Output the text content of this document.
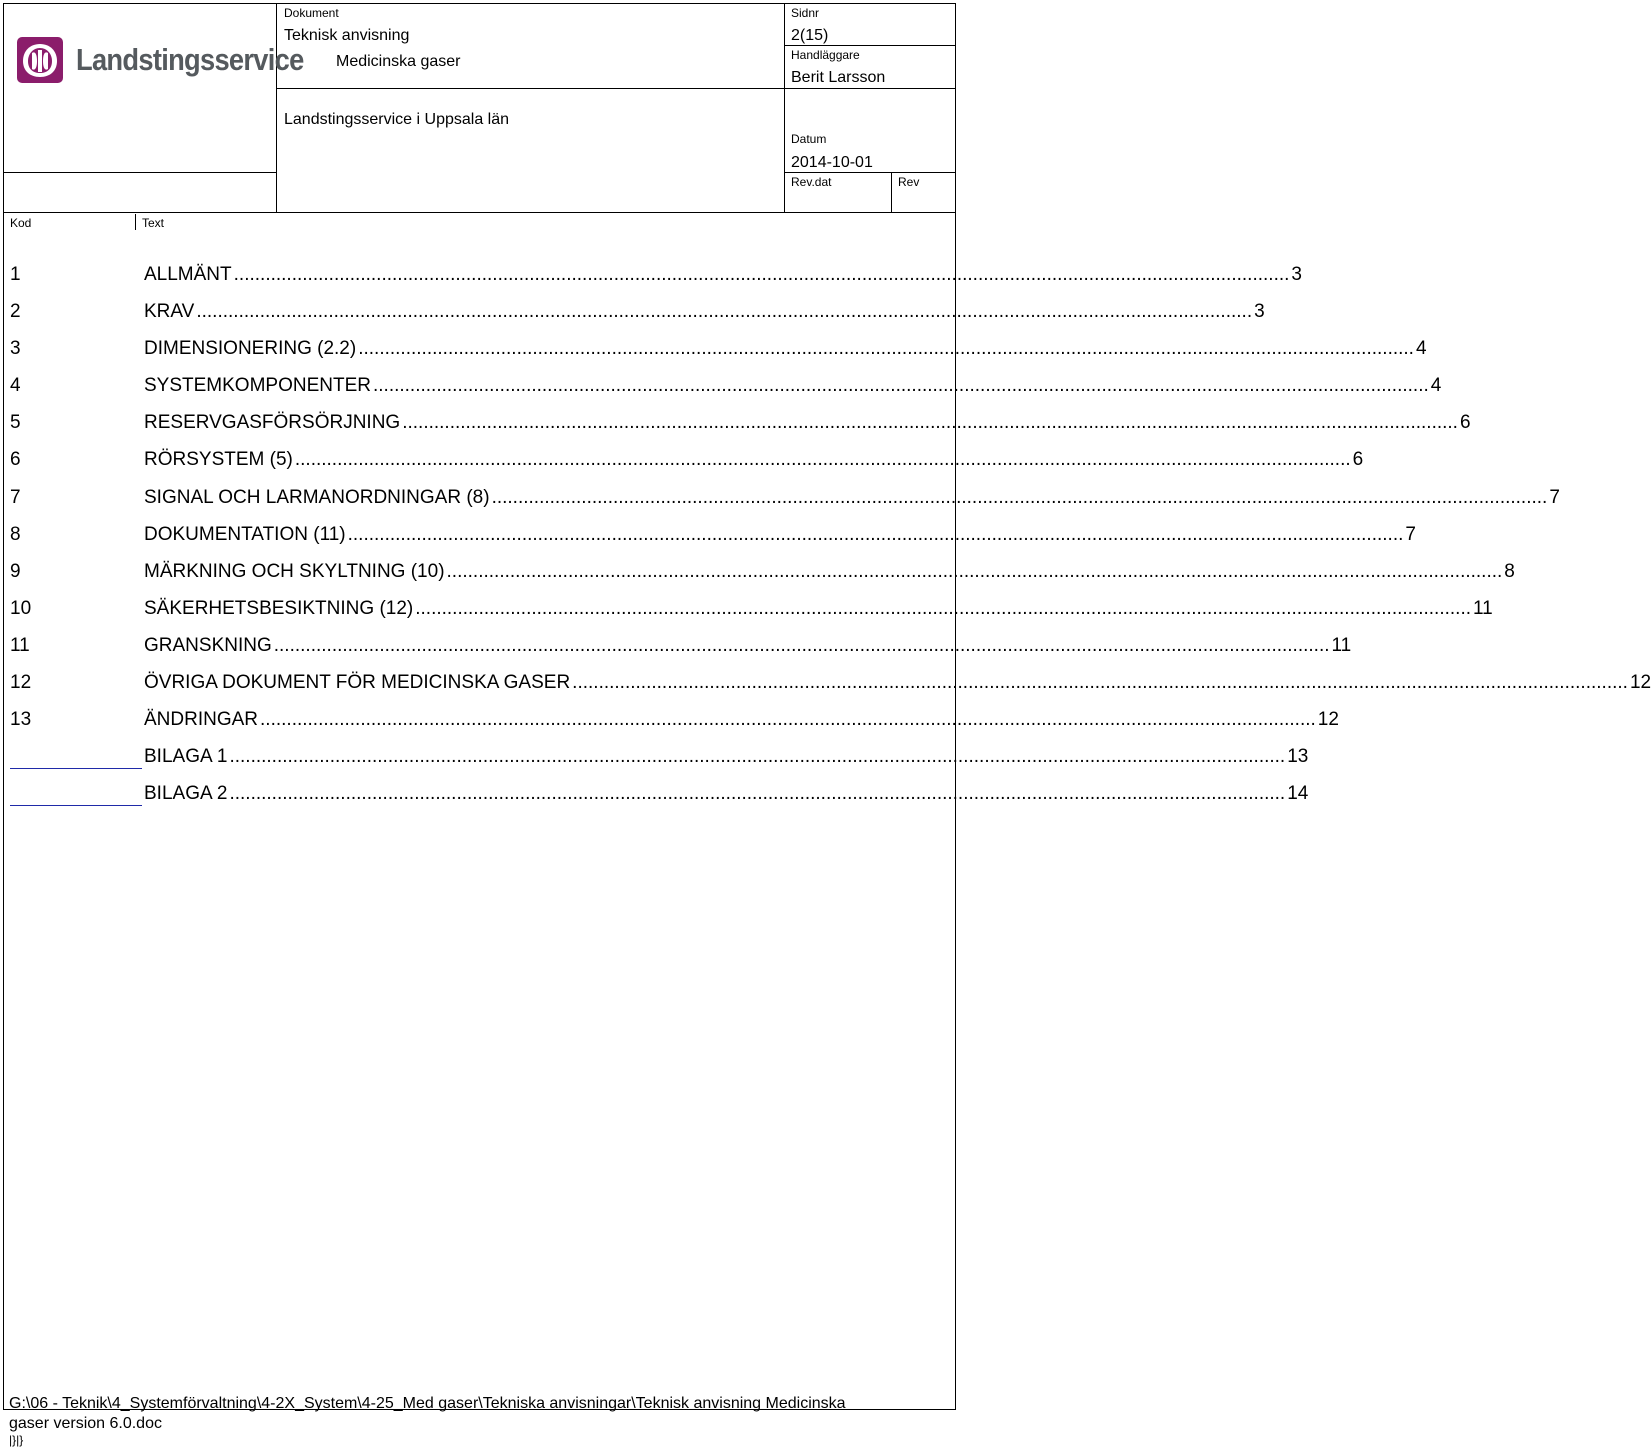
Landstingsservice
Dokument
Teknisk anvisning
Medicinska gaser
Landstingsservice i Uppsala län
Sidnr
2(15)
Handläggare
Berit Larsson
Datum
2014-10-01
Rev.dat	Rev
Kod	Text
1	ALLMÄNT ........................................................................................................................................................................................................ 3
2	KRAV ........................................................................................................................................................................................................ 3
3	DIMENSIONERING (2.2) ........................................................................................................................................................................................................ 4
4	SYSTEMKOMPONENTER ........................................................................................................................................................................................................ 4
5	RESERVGASFÖRSÖRJNING ........................................................................................................................................................................................................ 6
6	RÖRSYSTEM (5) ........................................................................................................................................................................................................ 6
7	SIGNAL OCH LARMANORDNINGAR (8) ........................................................................................................................................................................................................ 7
8	DOKUMENTATION (11) ........................................................................................................................................................................................................ 7
9	MÄRKNING OCH SKYLTNING (10) ........................................................................................................................................................................................................ 8
10	SÄKERHETSBESIKTNING (12) ........................................................................................................................................................................................................ 11
11	GRANSKNING ........................................................................................................................................................................................................ 11
12	ÖVRIGA DOKUMENT FÖR MEDICINSKA GASER ........................................................................................................................................................................................................ 12
13	ÄNDRINGAR ........................................................................................................................................................................................................ 12
BILAGA 1 ........................................................................................................................................................................................................ 13
BILAGA 2 ........................................................................................................................................................................................................ 14
G:\06 - Teknik\4_Systemförvaltning\4-2X_System\4-25_Med gaser\Tekniska anvisningar\Teknisk anvisning Medicinska
gaser version 6.0.doc
|}|}
